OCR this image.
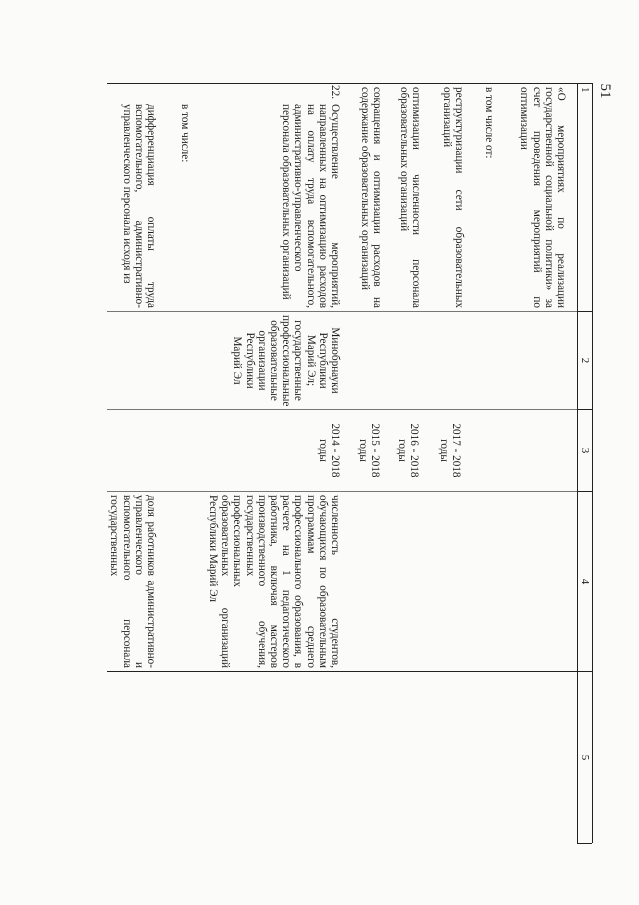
51
1
2
3
4
5
«О мероприятиях по реализации государственной социальной политики» за счет проведения мероприятий по оптимизации
в том числе от:
реструктуризации сети образовательных организаций
оптимизации численности персонала образовательных организаций
сокращения и оптимизации расходов на содержание образовательных организаций
22.
Осуществление мероприятий, направленных на оптимизацию расходов на оплату труда вспомогательного, административно-управленческого персонала образовательных организаций
в том числе:
дифференциация оплаты труда вспомогательного, административно-управленческого персонала исходя из
Минобрнауки Республики Марий Эл; государственные профессиональные образовательные организации Республики Марий Эл
2017 - 2018 годы
2016 - 2018 годы
2015 - 2018 годы
2014 - 2018 годы
численность студентов, обучающихся по образовательным программам среднего профессионального образования, в расчете на 1 педагогического работника, включая мастеров производственного обучения, государственных профессиональных образовательных организаций Республики Марий Эл
доля работников административно-управленческого и вспомогательного персонала государственных
